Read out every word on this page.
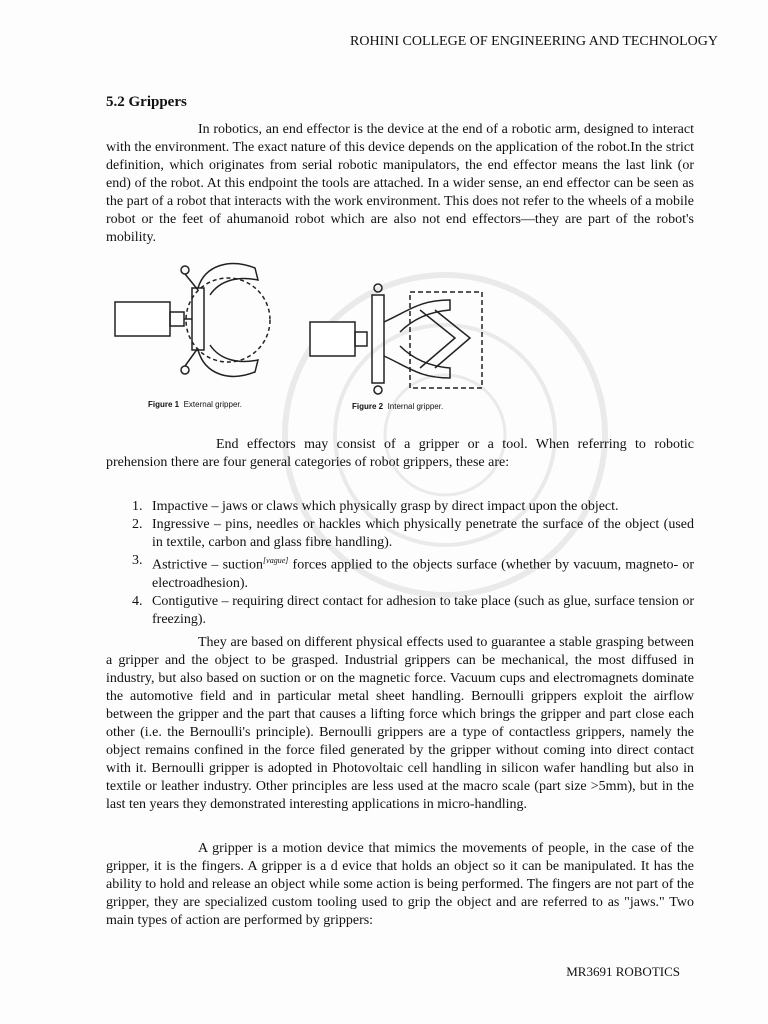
ROHINI COLLEGE OF ENGINEERING AND TECHNOLOGY
5.2 Grippers

In robotics, an end effector is the device at the end of a robotic arm, designed to interact with the environment. The exact nature of this device depends on the application of the robot.In the strict definition, which originates from serial robotic manipulators, the end effector means the last link (or end) of the robot. At this endpoint the tools are attached. In a wider sense, an end effector can be seen as the part of a robot that interacts with the work environment. This does not refer to the wheels of a mobile robot or the feet of ahumanoid robot which are also not end effectors—they are part of the robot's mobility.

Figure 1 External gripper.	Figure 2 Internal gripper.

End effectors may consist of a gripper or a tool. When referring to robotic prehension there are four general categories of robot grippers, these are:

1. Impactive – jaws or claws which physically grasp by direct impact upon the object.
2. Ingressive – pins, needles or hackles which physically penetrate the surface of the object (used in textile, carbon and glass fibre handling).
3. Astrictive – suction[vague] forces applied to the objects surface (whether by vacuum, magneto- or electroadhesion).
4. Contigutive – requiring direct contact for adhesion to take place (such as glue, surface tension or freezing).

They are based on different physical effects used to guarantee a stable grasping between a gripper and the object to be grasped. Industrial grippers can be mechanical, the most diffused in industry, but also based on suction or on the magnetic force. Vacuum cups and electromagnets dominate the automotive field and in particular metal sheet handling. Bernoulli grippers exploit the airflow between the gripper and the part that causes a lifting force which brings the gripper and part close each other (i.e. the Bernoulli's principle). Bernoulli grippers are a type of contactless grippers, namely the object remains confined in the force filed generated by the gripper without coming into direct contact with it. Bernoulli gripper is adopted in Photovoltaic cell handling in silicon wafer handling but also in textile or leather industry. Other principles are less used at the macro scale (part size >5mm), but in the last ten years they demonstrated interesting applications in micro-handling.

A gripper is a motion device that mimics the movements of people, in the case of the gripper, it is the fingers. A gripper is a d evice that holds an object so it can be manipulated. It has the ability to hold and release an object while some action is being performed. The fingers are not part of the gripper, they are specialized custom tooling used to grip the object and are referred to as "jaws." Two main types of action are performed by grippers:

MR3691 ROBOTICS
